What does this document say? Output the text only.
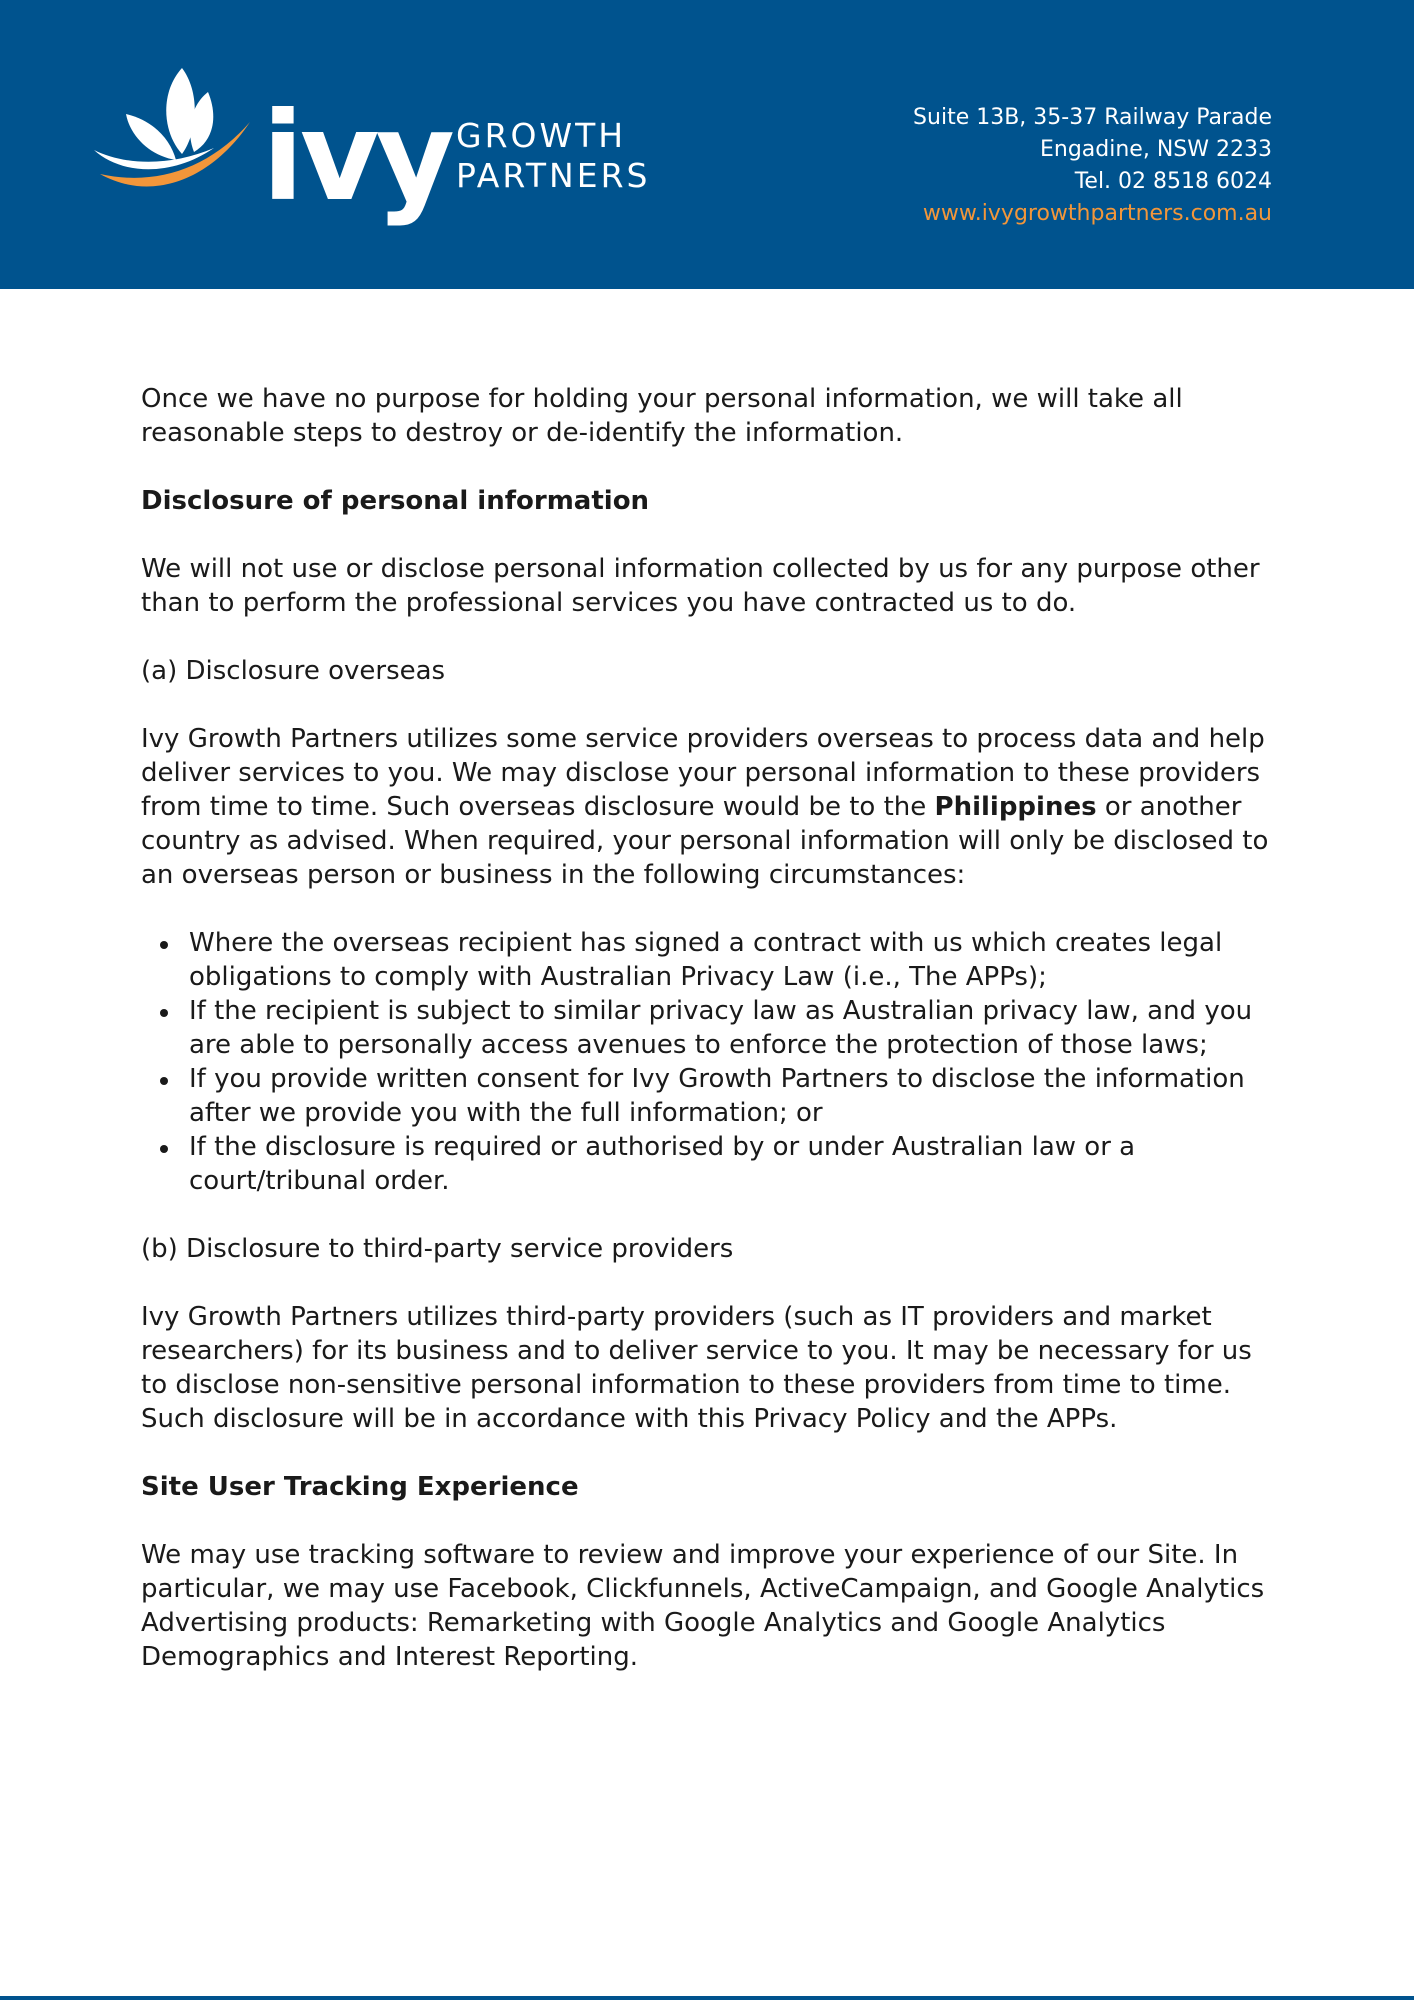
ivy GROWTH
PARTNERS
Suite 13B, 35-37 Railway Parade
Engadine, NSW 2233
Tel. 02 8518 6024
www.ivygrowthpartners.com.au

Once we have no purpose for holding your personal information, we will take all reasonable steps to destroy or de-identify the information.

Disclosure of personal information

We will not use or disclose personal information collected by us for any purpose other than to perform the professional services you have contracted us to do.

(a) Disclosure overseas

Ivy Growth Partners utilizes some service providers overseas to process data and help deliver services to you. We may disclose your personal information to these providers from time to time. Such overseas disclosure would be to the Philippines or another country as advised. When required, your personal information will only be disclosed to an overseas person or business in the following circumstances:

Where the overseas recipient has signed a contract with us which creates legal obligations to comply with Australian Privacy Law (i.e., The APPs);
If the recipient is subject to similar privacy law as Australian privacy law, and you are able to personally access avenues to enforce the protection of those laws;
If you provide written consent for Ivy Growth Partners to disclose the information after we provide you with the full information; or
If the disclosure is required or authorised by or under Australian law or a court/tribunal order.

(b) Disclosure to third-party service providers

Ivy Growth Partners utilizes third-party providers (such as IT providers and market researchers) for its business and to deliver service to you. It may be necessary for us to disclose non-sensitive personal information to these providers from time to time. Such disclosure will be in accordance with this Privacy Policy and the APPs.

Site User Tracking Experience

We may use tracking software to review and improve your experience of our Site. In particular, we may use Facebook, Clickfunnels, ActiveCampaign, and Google Analytics Advertising products: Remarketing with Google Analytics and Google Analytics Demographics and Interest Reporting.
